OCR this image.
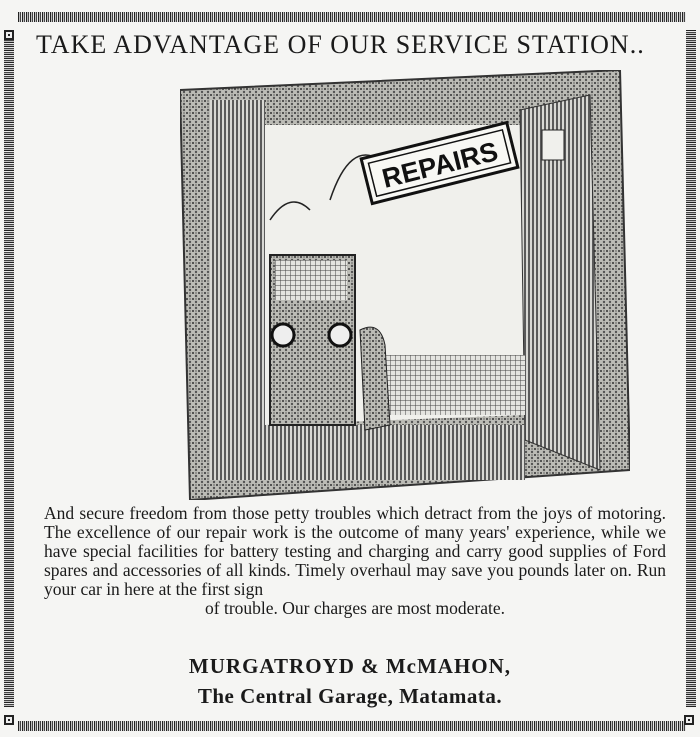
TAKE ADVANTAGE OF OUR SERVICE STATION..
REPAIRS
And secure freedom from those petty troubles which detract from the joys of motoring. The excellence of our repair work is the outcome of many years' experience, while we have special facilities for battery testing and charging and carry good supplies of Ford spares and accessories of all kinds. Timely overhaul may save you pounds later on. Run your car in here at the first sign
of trouble. Our charges are most moderate.
MURGATROYD & McMAHON,
The Central Garage, Matamata.
